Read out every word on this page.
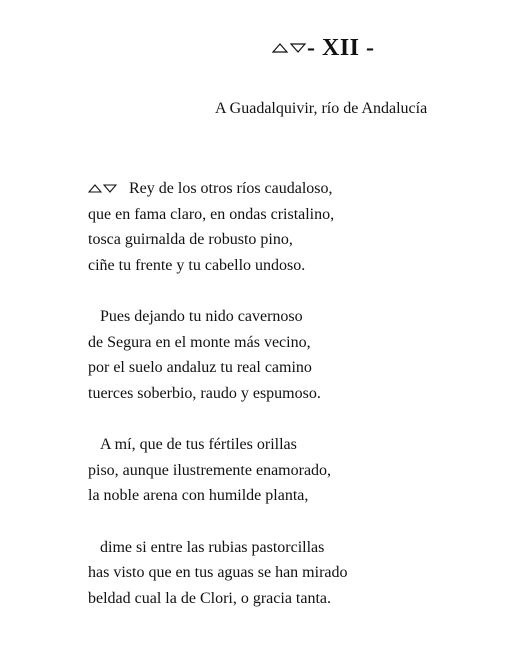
- XII -
A Guadalquivir, río de Andalucía
Rey de los otros ríos caudaloso,
que en fama claro, en ondas cristalino,
tosca guirnalda de robusto pino,
ciñe tu frente y tu cabello undoso.
Pues dejando tu nido cavernoso
de Segura en el monte más vecino,
por el suelo andaluz tu real camino
tuerces soberbio, raudo y espumoso.
A mí, que de tus fértiles orillas
piso, aunque ilustremente enamorado,
la noble arena con humilde planta,
dime si entre las rubias pastorcillas
has visto que en tus aguas se han mirado
beldad cual la de Clori, o gracia tanta.
